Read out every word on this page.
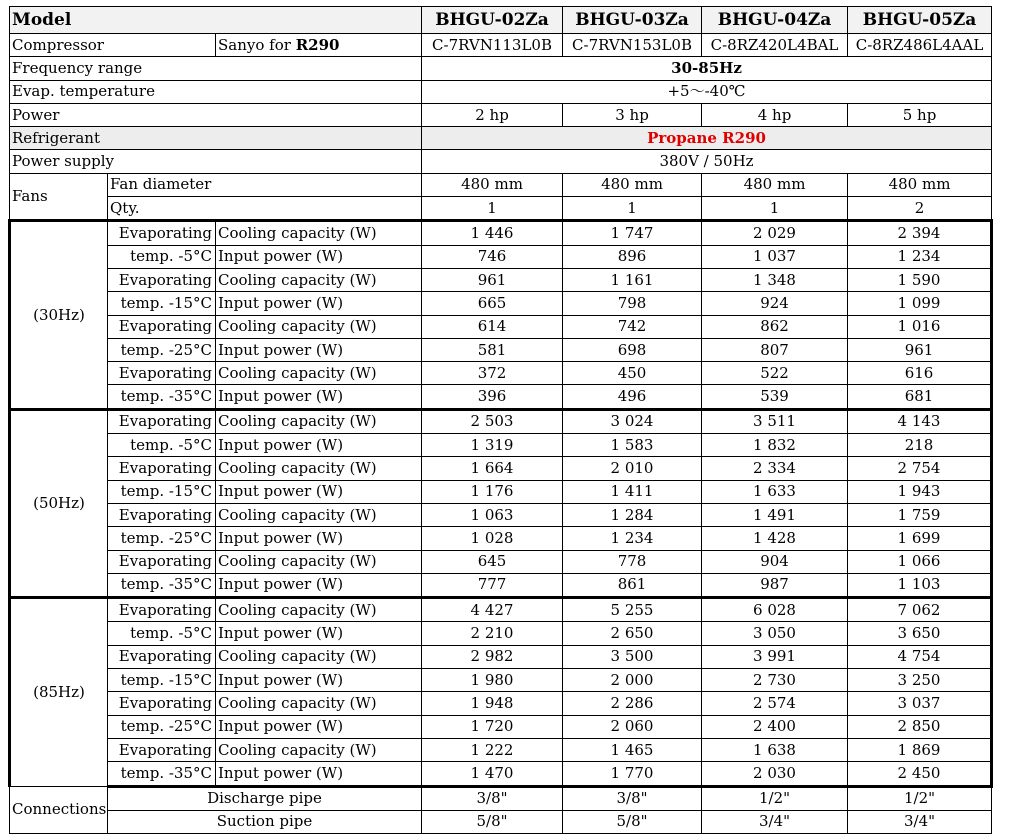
Model			BHGU-02Za	BHGU-03Za	BHGU-04Za	BHGU-05Za
Compressor		Sanyo for R290	C-7RVN113L0B	C-7RVN153L0B	C-8RZ420L4BAL	C-8RZ486L4AAL
Frequency range			30-85Hz			
Evap. temperature			+5～-40℃			
Power			2 hp	3 hp	4 hp	5 hp
Refrigerant			Propane R290			
Power supply			380V / 50Hz			
Fans	Fan diameter		480 mm	480 mm	480 mm	480 mm
	Qty.		1	1	1	2
(30Hz)	Evaporating	Cooling capacity (W)	1 446	1 747	2 029	2 394
	temp. -5°C	Input power (W)	746	896	1 037	1 234
	Evaporating	Cooling capacity (W)	961	1 161	1 348	1 590
	temp. -15°C	Input power (W)	665	798	924	1 099
	Evaporating	Cooling capacity (W)	614	742	862	1 016
	temp. -25°C	Input power (W)	581	698	807	961
	Evaporating	Cooling capacity (W)	372	450	522	616
	temp. -35°C	Input power (W)	396	496	539	681
(50Hz)	Evaporating	Cooling capacity (W)	2 503	3 024	3 511	4 143
	temp. -5°C	Input power (W)	1 319	1 583	1 832	218
	Evaporating	Cooling capacity (W)	1 664	2 010	2 334	2 754
	temp. -15°C	Input power (W)	1 176	1 411	1 633	1 943
	Evaporating	Cooling capacity (W)	1 063	1 284	1 491	1 759
	temp. -25°C	Input power (W)	1 028	1 234	1 428	1 699
	Evaporating	Cooling capacity (W)	645	778	904	1 066
	temp. -35°C	Input power (W)	777	861	987	1 103
(85Hz)	Evaporating	Cooling capacity (W)	4 427	5 255	6 028	7 062
	temp. -5°C	Input power (W)	2 210	2 650	3 050	3 650
	Evaporating	Cooling capacity (W)	2 982	3 500	3 991	4 754
	temp. -15°C	Input power (W)	1 980	2 000	2 730	3 250
	Evaporating	Cooling capacity (W)	1 948	2 286	2 574	3 037
	temp. -25°C	Input power (W)	1 720	2 060	2 400	2 850
	Evaporating	Cooling capacity (W)	1 222	1 465	1 638	1 869
	temp. -35°C	Input power (W)	1 470	1 770	2 030	2 450
Connections	Discharge pipe		3/8"	3/8"	1/2"	1/2"
	Suction pipe		5/8"	5/8"	3/4"	3/4"
